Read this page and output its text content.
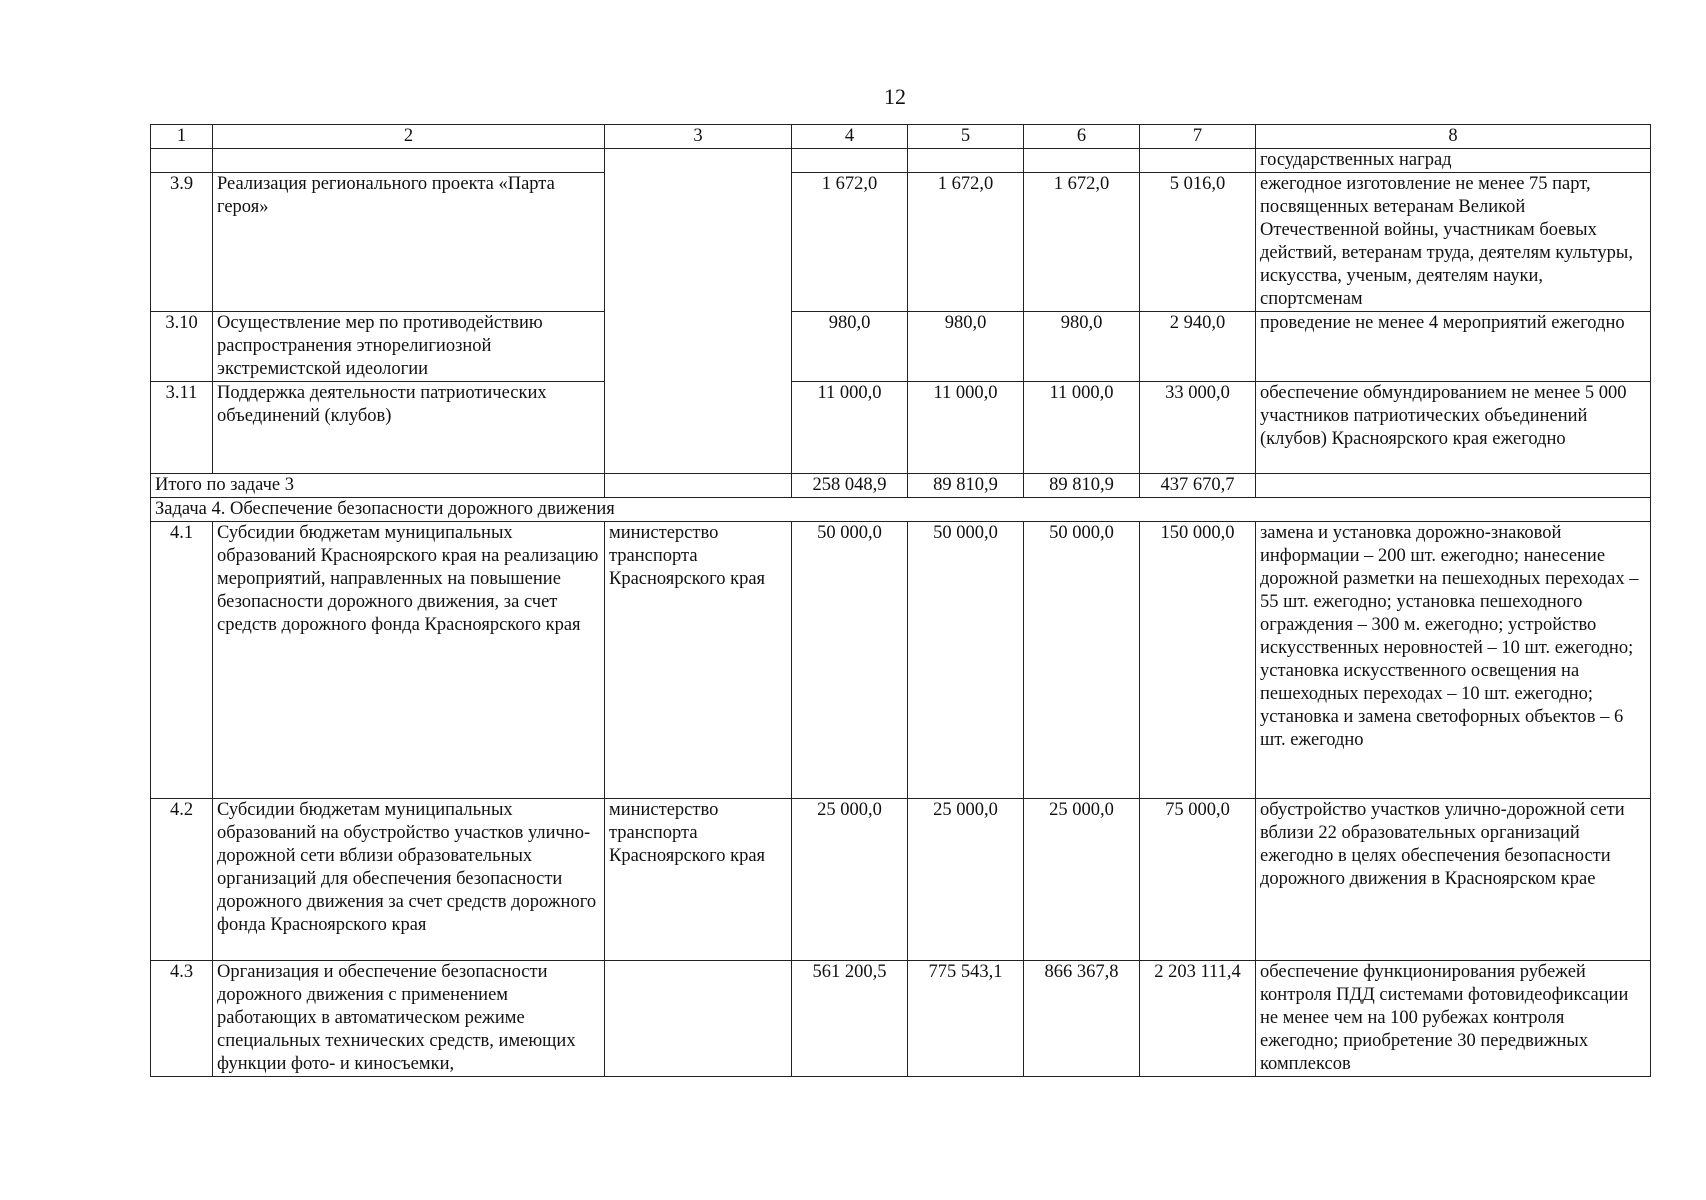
12
1	2	3	4	5	6	7	8
							государственных наград
3.9	Реализация регионального проекта «Парта героя»		1 672,0	1 672,0	1 672,0	5 016,0	ежегодное изготовление не менее 75 парт, посвященных ветеранам Великой Отечественной войны, участникам боевых действий, ветеранам труда, деятелям культуры, искусства, ученым, деятелям науки, спортсменам
3.10	Осуществление мер по противодействию распространения этнорелигиозной экстремистской идеологии		980,0	980,0	980,0	2 940,0	проведение не менее 4 мероприятий ежегодно
3.11	Поддержка деятельности патриотических объединений (клубов)		11 000,0	11 000,0	11 000,0	33 000,0	обеспечение обмундированием не менее 5 000 участников патриотических объединений (клубов) Красноярского края ежегодно
Итого по задаче 3			258 048,9	89 810,9	89 810,9	437 670,7	
Задача 4. Обеспечение безопасности дорожного движения							
4.1	Субсидии бюджетам муниципальных образований Красноярского края на реализацию мероприятий, направленных на повышение безопасности дорожного движения, за счет средств дорожного фонда Красноярского края	министерство транспорта Красноярского края	50 000,0	50 000,0	50 000,0	150 000,0	замена и установка дорожно-знаковой информации – 200 шт. ежегодно; нанесение дорожной разметки на пешеходных переходах – 55 шт. ежегодно; установка пешеходного ограждения – 300 м. ежегодно; устройство искусственных неровностей – 10 шт. ежегодно; установка искусственного освещения на пешеходных переходах – 10 шт. ежегодно; установка и замена светофорных объектов – 6 шт. ежегодно
4.2	Субсидии бюджетам муниципальных образований на обустройство участков улично-дорожной сети вблизи образовательных организаций для обеспечения безопасности дорожного движения за счет средств дорожного фонда Красноярского края	министерство транспорта Красноярского края	25 000,0	25 000,0	25 000,0	75 000,0	обустройство участков улично-дорожной сети вблизи 22 образовательных организаций ежегодно в целях обеспечения безопасности дорожного движения в Красноярском крае
4.3	Организация и обеспечение безопасности дорожного движения с применением работающих в автоматическом режиме специальных технических средств, имеющих функции фото- и киносъемки,		561 200,5	775 543,1	866 367,8	2 203 111,4	обеспечение функционирования рубежей контроля ПДД системами фотовидеофиксации не менее чем на 100 рубежах контроля ежегодно; приобретение 30 передвижных комплексов
